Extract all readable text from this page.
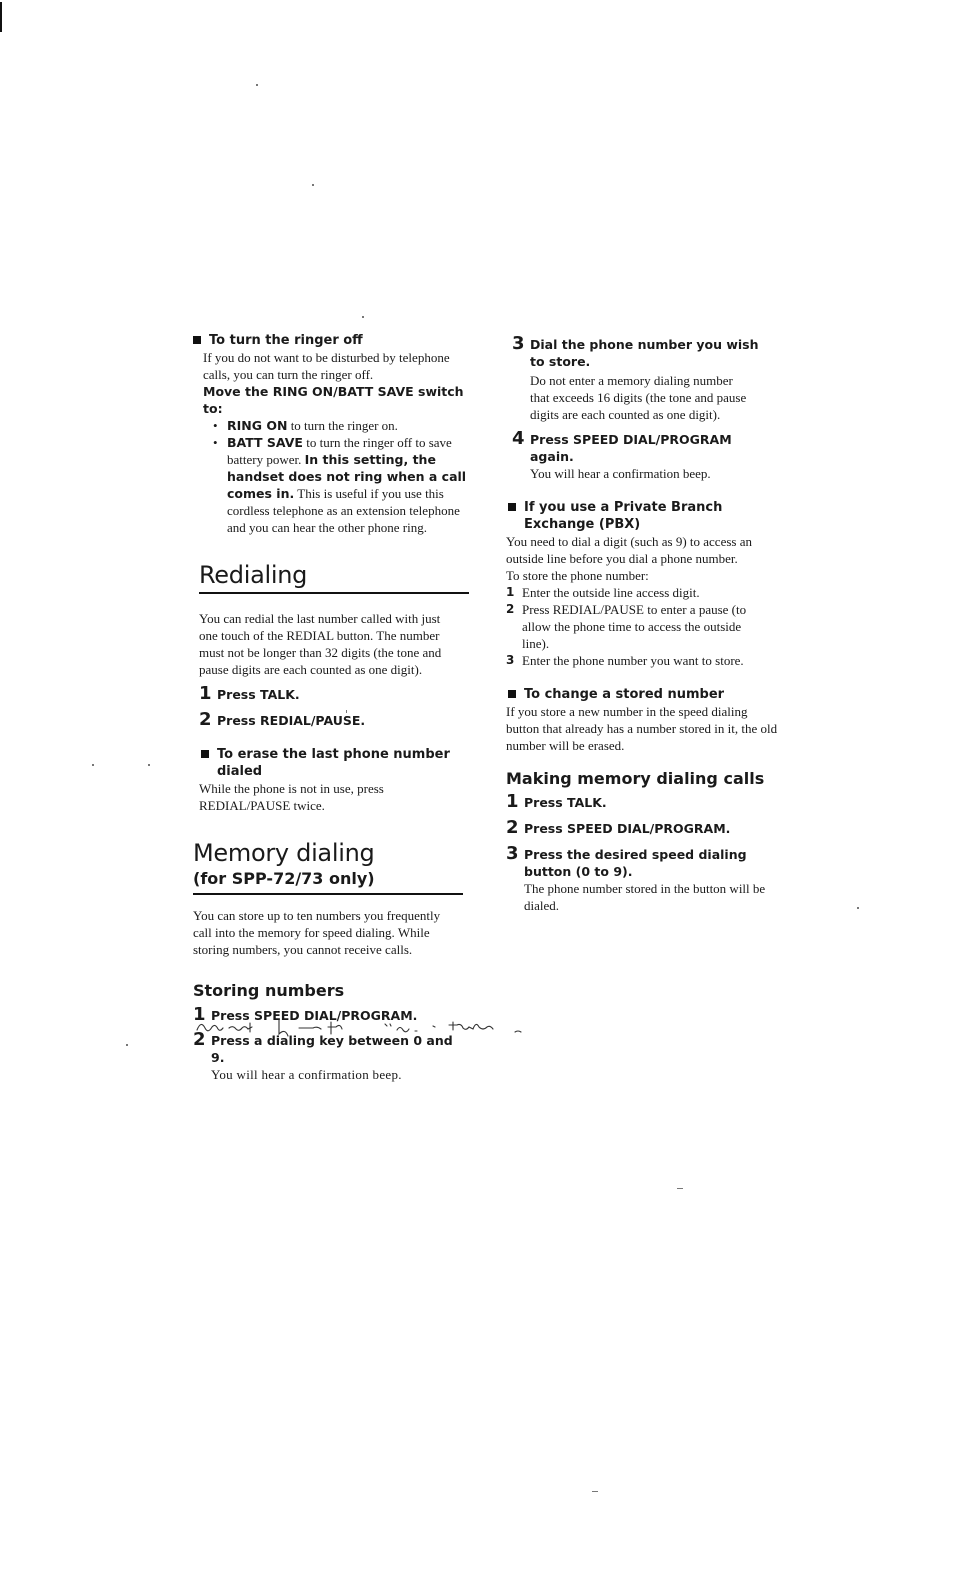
To turn the ringer off

If you do not want to be disturbed by telephone calls, you can turn the ringer off.

Move the RING ON/BATT SAVE switch to:

• RING ON to turn the ringer on.
• BATT SAVE to turn the ringer off to save battery power. In this setting, the handset does not ring when a call comes in. This is useful if you use this cordless telephone as an extension telephone and you can hear the other phone ring.
Redialing

You can redial the last number called with just one touch of the REDIAL button. The number must not be longer than 32 digits (the tone and pause digits are each counted as one digit).

1 Press TALK.
2 Press REDIAL/PAUSE.
To erase the last phone number dialed

While the phone is not in use, press REDIAL/PAUSE twice.

Memory dialing
(for SPP-72/73 only)

You can store up to ten numbers you frequently call into the memory for speed dialing. While storing numbers, you cannot receive calls.

Storing numbers
1 Press SPEED DIAL/PROGRAM.
2 Press a dialing key between 0 and 9.
You will hear a confirmation beep.
3 Dial the phone number you wish to store.
Do not enter a memory dialing number that exceeds 16 digits (the tone and pause digits are each counted as one digit).
4 Press SPEED DIAL/PROGRAM again.
You will hear a confirmation beep.
If you use a Private Branch Exchange (PBX)

You need to dial a digit (such as 9) to access an outside line before you dial a phone number.

To store the phone number:

1 Enter the outside line access digit.
2 Press REDIAL/PAUSE to enter a pause (to allow the phone time to access the outside line).
3 Enter the phone number you want to store.
To change a stored number

If you store a new number in the speed dialing button that already has a number stored in it, the old number will be erased.

Making memory dialing calls
1 Press TALK.
2 Press SPEED DIAL/PROGRAM.
3 Press the desired speed dialing button (0 to 9).
The phone number stored in the button will be dialed.
